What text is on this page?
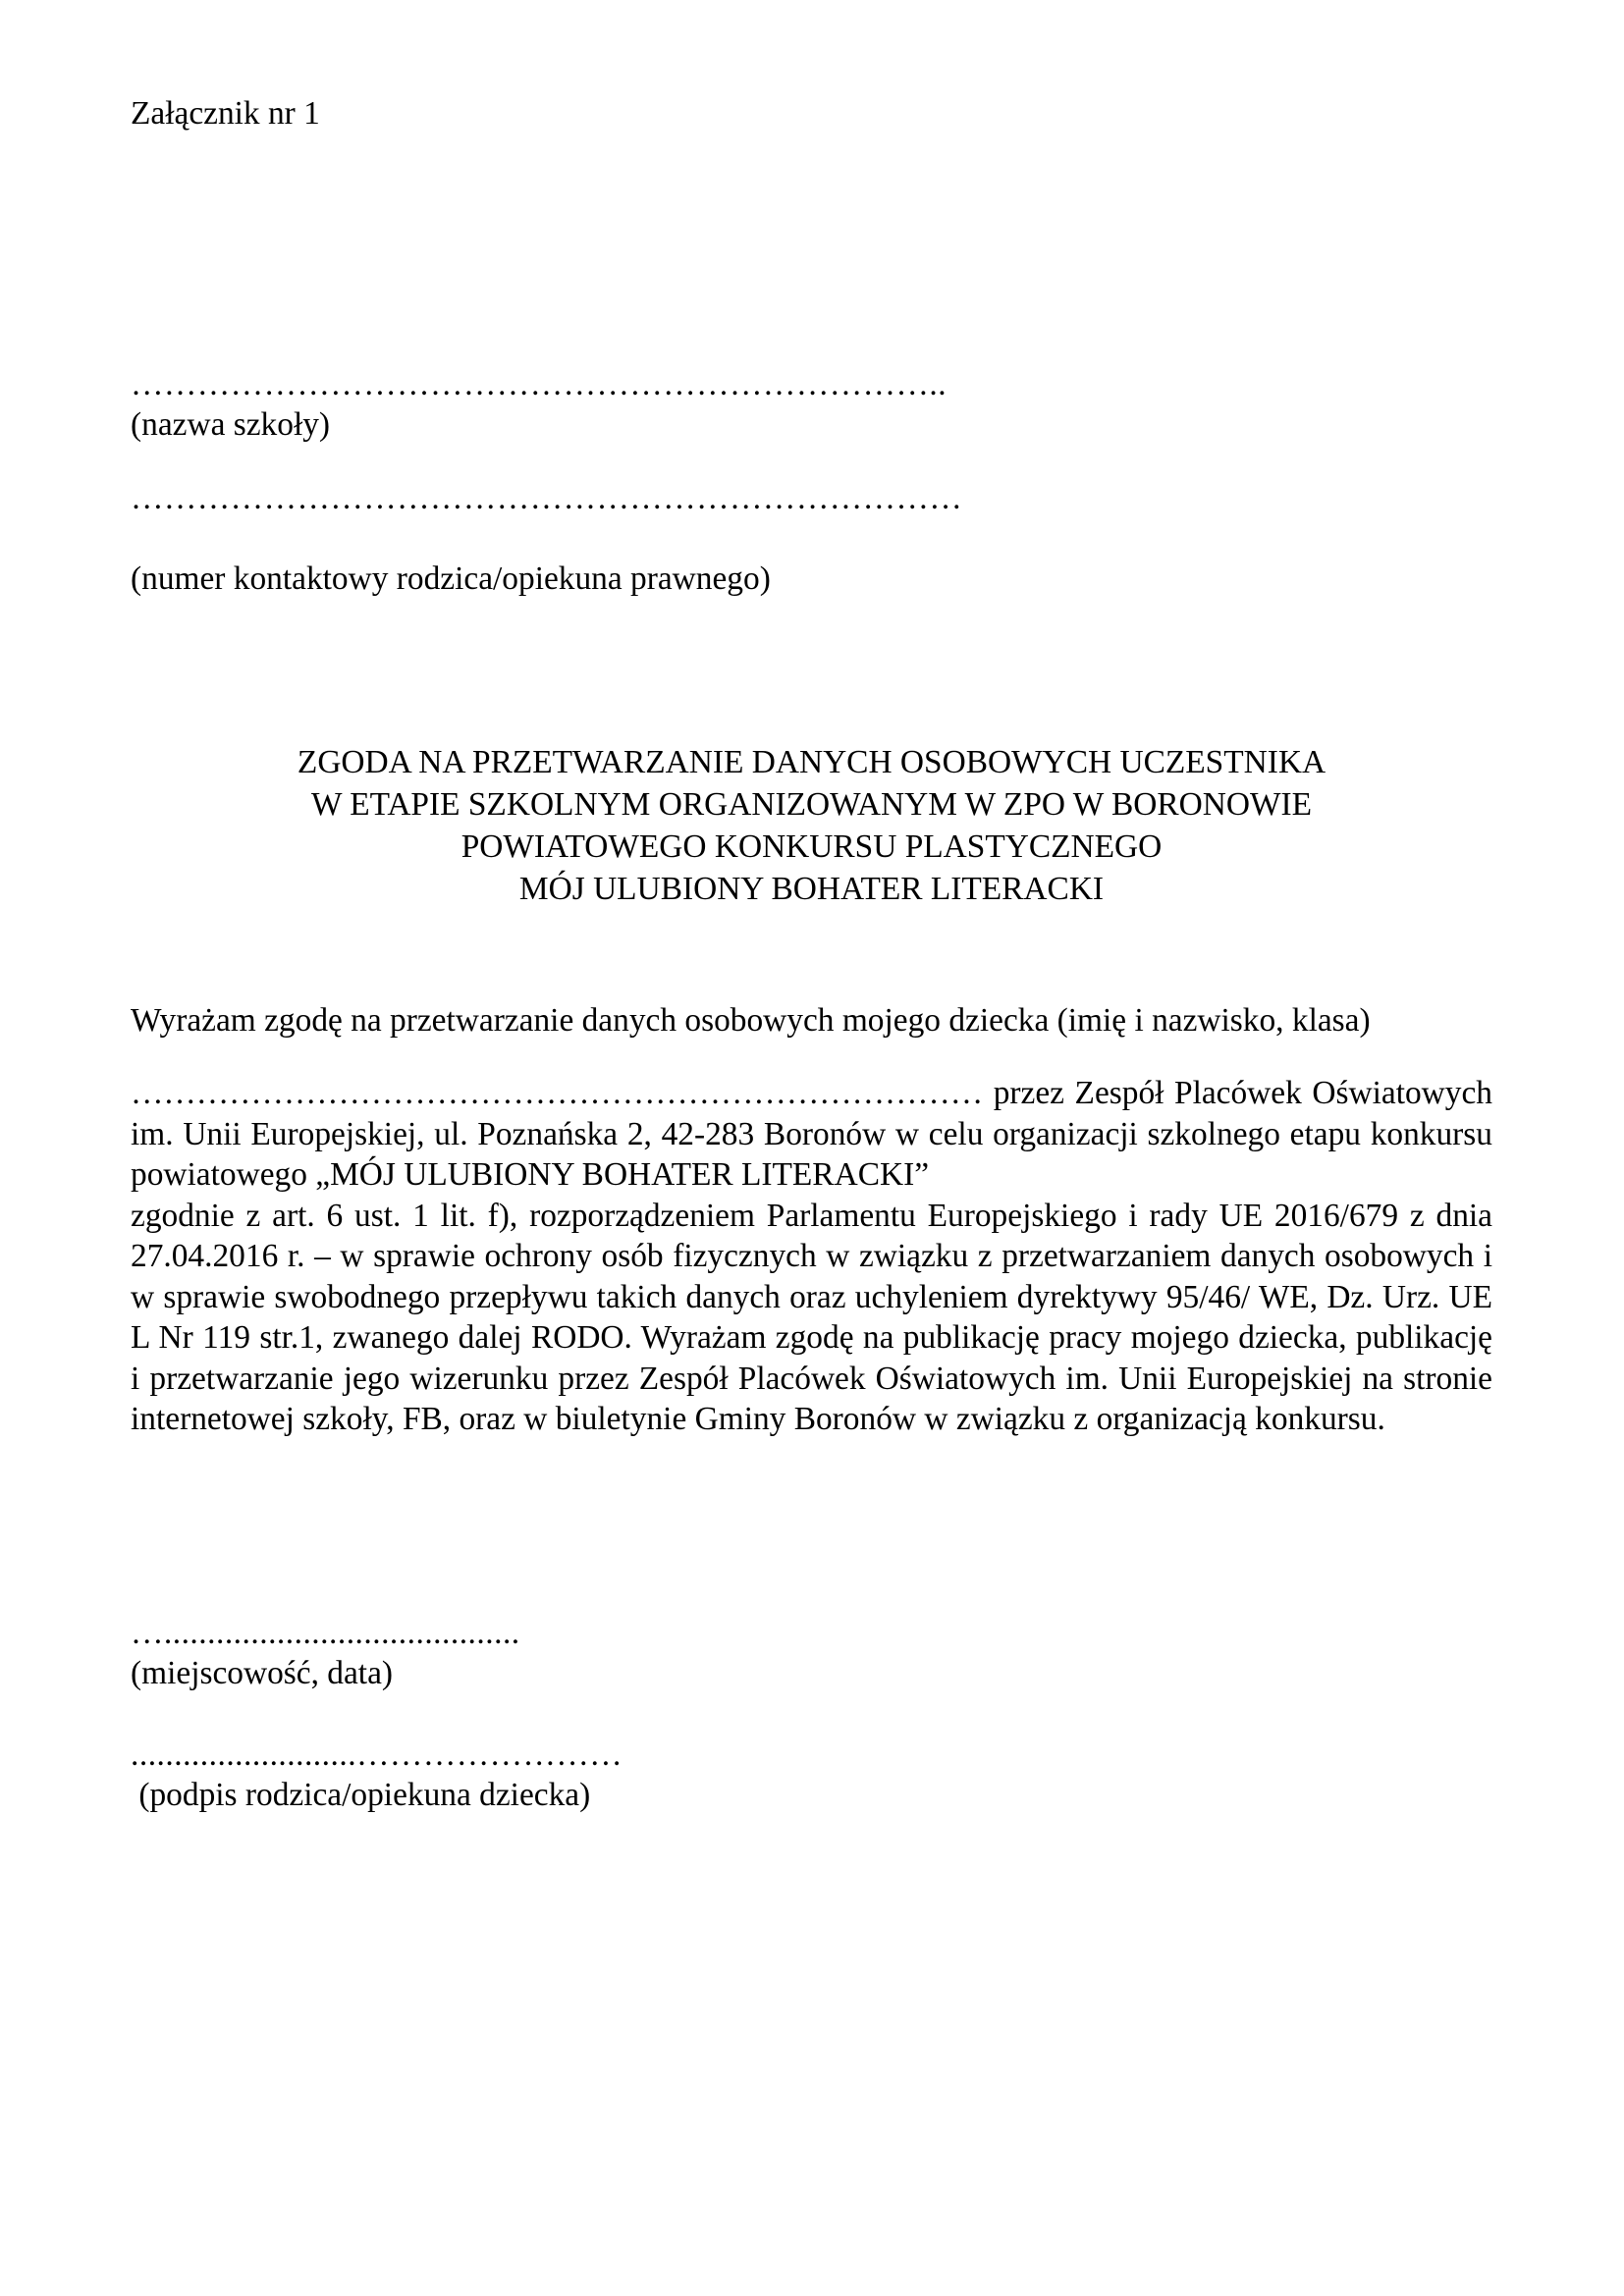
Załącznik nr 1
………………………………………………………………..
(nazwa szkoły)
…………………………………………………………………
(numer kontaktowy rodzica/opiekuna prawnego)
ZGODA NA PRZETWARZANIE DANYCH OSOBOWYCH UCZESTNIKA
W ETAPIE SZKOLNYM ORGANIZOWANYM W ZPO W BORONOWIE
POWIATOWEGO KONKURSU PLASTYCZNEGO
MÓJ ULUBIONY BOHATER LITERACKI
Wyrażam zgodę na przetwarzanie danych osobowych mojego dziecka (imię i nazwisko, klasa)
…………………………………………………………………… przez Zespół Placówek Oświatowych im. Unii Europejskiej, ul. Poznańska 2, 42-283 Boronów w celu organizacji szkolnego etapu konkursu powiatowego „MÓJ ULUBIONY BOHATER LITERACKI”
zgodnie z art. 6 ust. 1 lit. f), rozporządzeniem Parlamentu Europejskiego i rady UE 2016/679 z dnia 27.04.2016 r. – w sprawie ochrony osób fizycznych w związku z przetwarzaniem danych osobowych i w sprawie swobodnego przepływu takich danych oraz uchyleniem dyrektywy 95/46/ WE, Dz. Urz. UE L Nr 119 str.1, zwanego dalej RODO. Wyrażam zgodę na publikację pracy mojego dziecka, publikację i przetwarzanie jego wizerunku przez Zespół Placówek Oświatowych im. Unii Europejskiej na stronie internetowej szkoły, FB, oraz w biuletynie Gminy Boronów w związku z organizacją konkursu.
….........................................
(miejscowość, data)
..........................……………………
(podpis rodzica/opiekuna dziecka)
